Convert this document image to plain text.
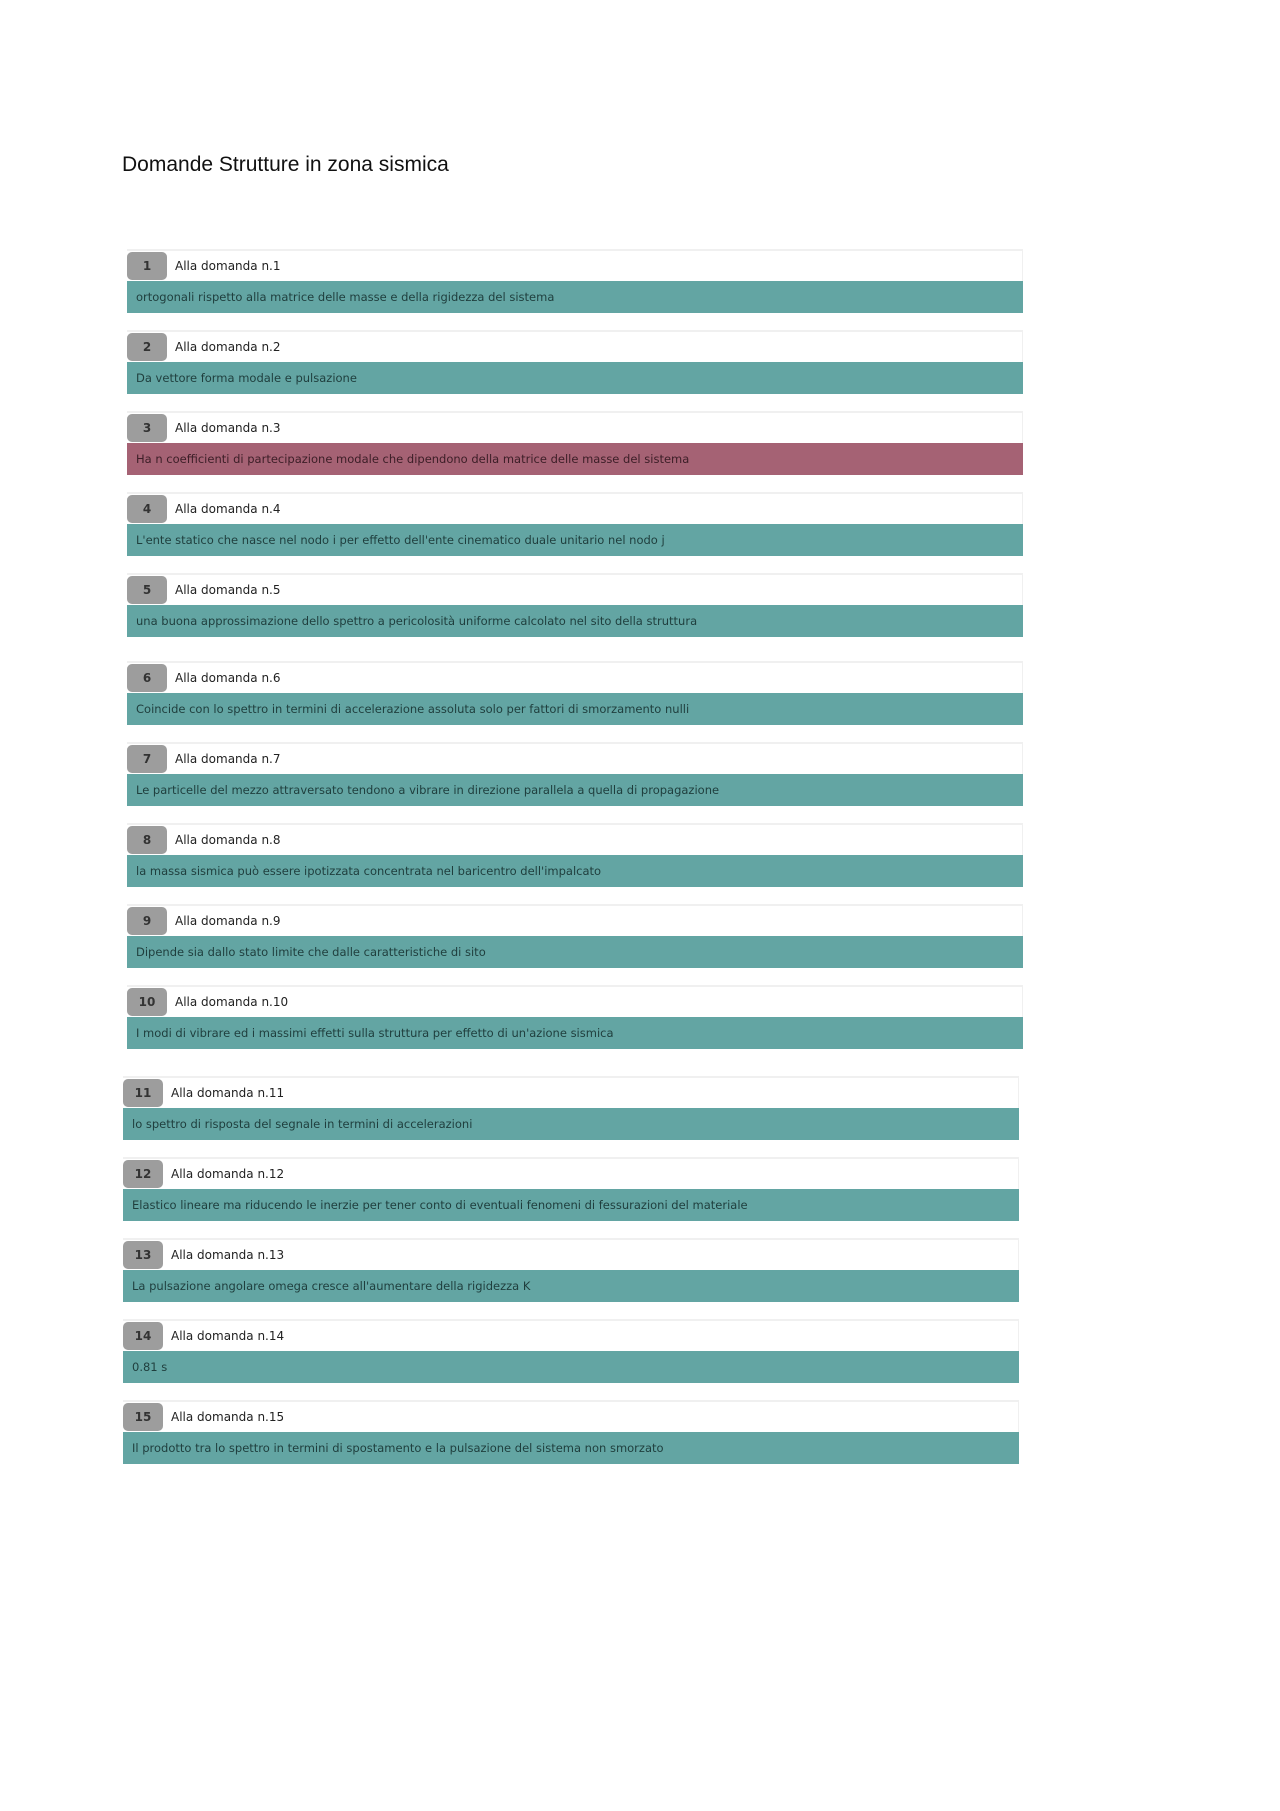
Domande Strutture in zona sismica
1	Alla domanda n.1
ortogonali rispetto alla matrice delle masse e della rigidezza del sistema
2	Alla domanda n.2
Da vettore forma modale e pulsazione
3	Alla domanda n.3
Ha n coefficienti di partecipazione modale che dipendono della matrice delle masse del sistema
4	Alla domanda n.4
L'ente statico che nasce nel nodo i per effetto dell'ente cinematico duale unitario nel nodo j
5	Alla domanda n.5
una buona approssimazione dello spettro a pericolosità uniforme calcolato nel sito della struttura
6	Alla domanda n.6
Coincide con lo spettro in termini di accelerazione assoluta solo per fattori di smorzamento nulli
7	Alla domanda n.7
Le particelle del mezzo attraversato tendono a vibrare in direzione parallela a quella di propagazione
8	Alla domanda n.8
la massa sismica può essere ipotizzata concentrata nel baricentro dell'impalcato
9	Alla domanda n.9
Dipende sia dallo stato limite che dalle caratteristiche di sito
10	Alla domanda n.10
I modi di vibrare ed i massimi effetti sulla struttura per effetto di un'azione sismica
11	Alla domanda n.11
lo spettro di risposta del segnale in termini di accelerazioni
12	Alla domanda n.12
Elastico lineare ma riducendo le inerzie per tener conto di eventuali fenomeni di fessurazioni del materiale
13	Alla domanda n.13
La pulsazione angolare omega cresce all'aumentare della rigidezza K
14	Alla domanda n.14
0.81 s
15	Alla domanda n.15
Il prodotto tra lo spettro in termini di spostamento e la pulsazione del sistema non smorzato
